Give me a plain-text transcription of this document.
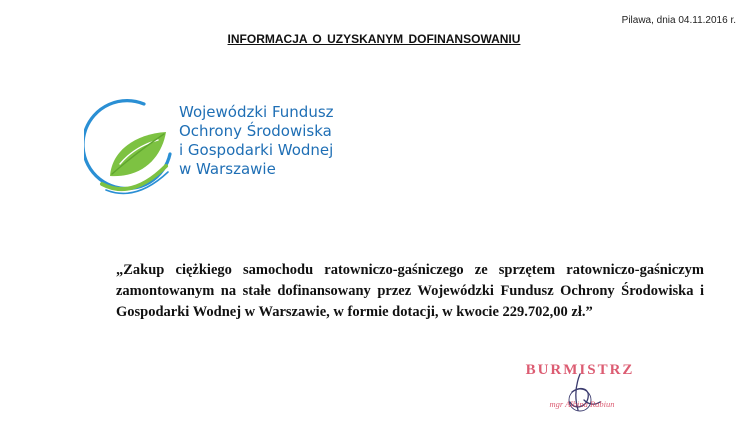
Pilawa, dnia 04.11.2016 r.
INFORMACJA O UZYSKANYM DOFINANSOWANIU
Wojewódzki Fundusz
Ochrony Środowiska
i Gospodarki Wodnej
w Warszawie

„Zakup ciężkiego samochodu ratowniczo-gaśniczego ze sprzętem ratowniczo-gaśniczym zamontowanym na stałe dofinansowany przez Wojewódzki Fundusz Ochrony Środowiska i Gospodarki Wodnej w Warszawie, w formie dotacji, w kwocie 229.702,00 zł.”

BURMISTRZ
mgr Albina Rabiun
